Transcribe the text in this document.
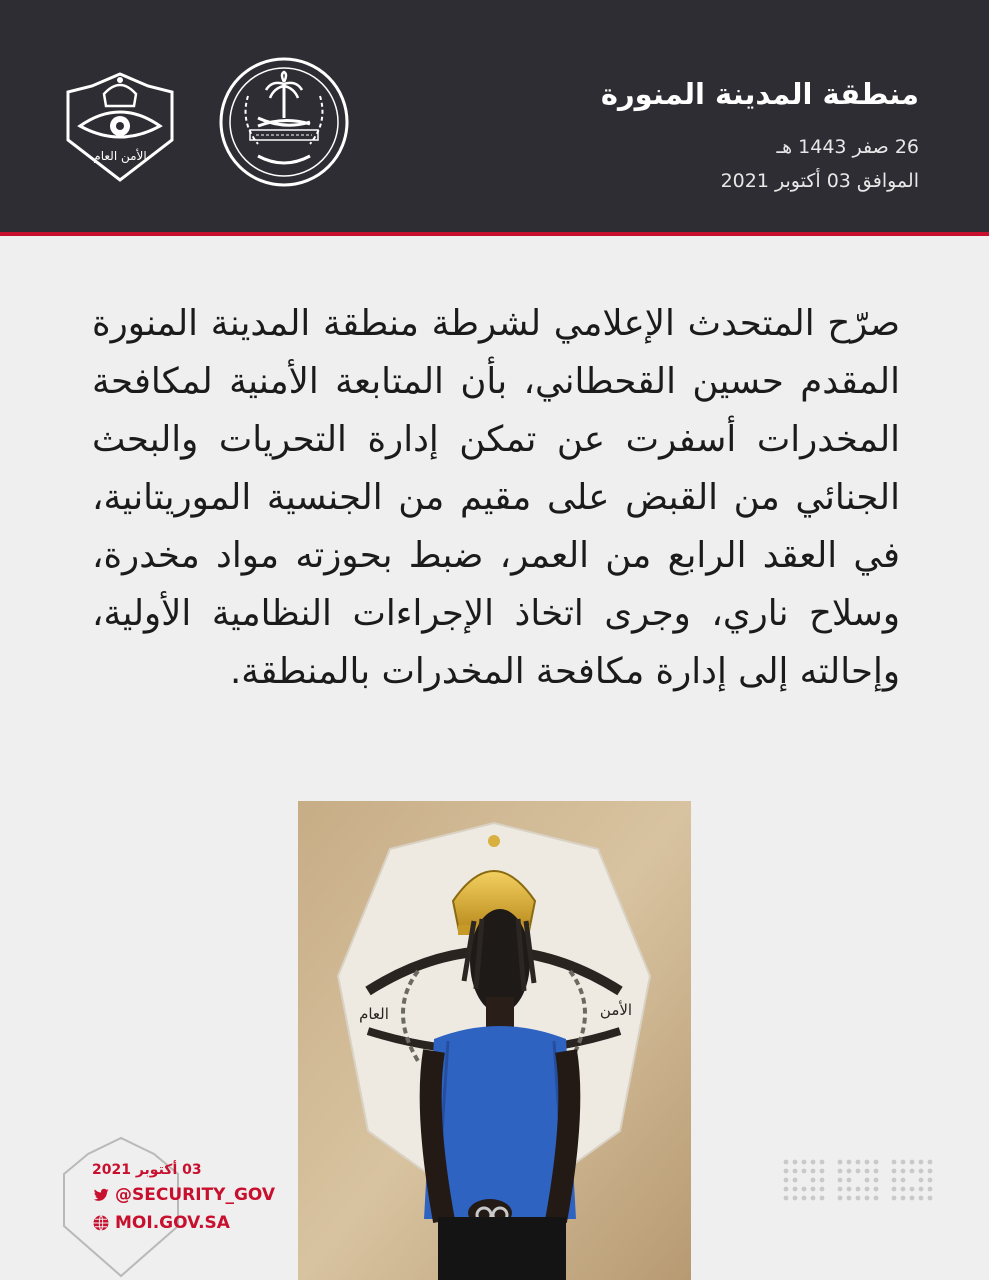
الأمن العام
منطقة المدينة المنورة
26 صفر 1443 هـ
الموافق 03 أكتوبر 2021

صرّح المتحدث الإعلامي لشرطة منطقة المدينة المنورة المقدم حسين القحطاني، بأن المتابعة الأمنية لمكافحة المخدرات أسفرت عن تمكن إدارة التحريات والبحث الجنائي من القبض على مقيم من الجنسية الموريتانية، في العقد الرابع من العمر، ضبط بحوزته مواد مخدرة، وسلاح ناري، وجرى اتخاذ الإجراءات النظامية الأولية، وإحالته إلى إدارة مكافحة المخدرات بالمنطقة.

العام	الأمن
03 أكتوبر 2021
@SECURITY_GOV
MOI.GOV.SA
